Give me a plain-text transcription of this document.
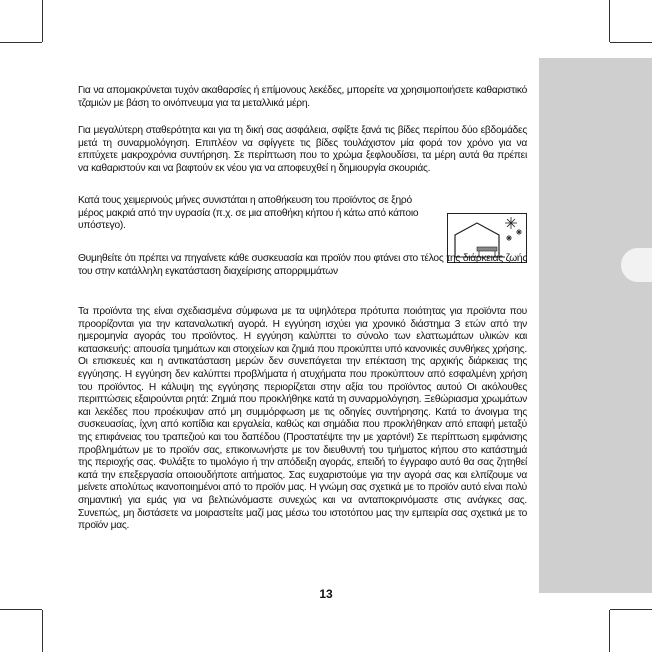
Για να απομακρύνεται τυχόν ακαθαρσίες ή επίμονους λεκέδες, μπορείτε να χρησιμοποιήσετε καθαριστικό τζαμιών με βάση το οινόπνευμα για τα μεταλλικά μέρη.
Για μεγαλύτερη σταθερότητα και για τη δική σας ασφάλεια, σφίξτε ξανά τις βίδες περίπου δύο εβδομάδες μετά τη συναρμολόγηση. Επιπλέον να σφίγγετε τις βίδες τουλάχιστον μία φορά τον χρόνο για να επιτύχετε μακροχρόνια συντήρηση. Σε περίπτωση που το χρώμα ξεφλουδίσει, τα μέρη αυτά θα πρέπει να καθαριστούν και να βαφτούν εκ νέου για να αποφευχθεί η δημιουργία σκουριάς.
Κατά τους χειμερινούς μήνες συνιστάται η αποθήκευση του προϊόντος σε ξηρό μέρος μακριά από την υγρασία (π.χ. σε μια αποθήκη κήπου ή κάτω από κάποιο υπόστεγο).
Θυμηθείτε ότι πρέπει να πηγαίνετε κάθε συσκευασία και προϊόν που φτάνει στο τέλος της διάρκειας ζωής του στην κατάλληλη εγκατάσταση διαχείρισης απορριμμάτων
Τα προϊόντα της είναι σχεδιασμένα σύμφωνα με τα υψηλότερα πρότυπα ποιότητας για προϊόντα που προορίζονται για την καταναλωτική αγορά. Η εγγύηση ισχύει για χρονικό διάστημα 3 ετών από την ημερομηνία αγοράς του προϊόντος. Η εγγύηση καλύπτει το σύνολο των ελαττωμάτων υλικών και κατασκευής: απουσία τμημάτων και στοιχείων και ζημιά που προκύπτει υπό κανονικές συνθήκες χρήσης. Οι επισκευές και η αντικατάσταση μερών δεν συνεπάγεται την επέκταση της αρχικής διάρκειας της εγγύησης. Η εγγύηση δεν καλύπτει προβλήματα ή ατυχήματα που προκύπτουν από εσφαλμένη χρήση του προϊόντος. Η κάλυψη της εγγύησης περιορίζεται στην αξία του προϊόντος αυτού Οι ακόλουθες περιπτώσεις εξαιρούνται ρητά: Ζημιά που προκλήθηκε κατά τη συναρμολόγηση. Ξεθώριασμα χρωμάτων και λεκέδες που προέκυψαν από μη συμμόρφωση με τις οδηγίες συντήρησης. Κατά το άνοιγμα της συσκευασίας, ίχνη από κοπίδια και εργαλεία, καθώς και σημάδια που προκλήθηκαν από επαφή μεταξύ της επιφάνειας του τραπεζιού και του δαπέδου (Προστατέψτε την με χαρτόνι!) Σε περίπτωση εμφάνισης προβλημάτων με το προϊόν σας, επικοινωνήστε με τον διευθυντή του τμήματος κήπου στο κατάστημά της περιοχής σας. Φυλάξτε το τιμολόγιο ή την απόδειξη αγοράς, επειδή το έγγραφο αυτό θα σας ζητηθεί κατά την επεξεργασία οποιουδήποτε αιτήματος. Σας ευχαριστούμε για την αγορά σας και ελπίζουμε να μείνετε απολύτως ικανοποιημένοι από το προϊόν μας. Η γνώμη σας σχετικά με το προϊόν αυτό είναι πολύ σημαντική για εμάς για να βελτιώνόμαστε συνεχώς και να ανταποκρινόμαστε στις ανάγκες σας. Συνεπώς, μη διστάσετε να μοιραστείτε μαζί μας μέσω του ιστοτόπου μας την εμπειρία σας σχετικά με το προϊόν μας.
13
